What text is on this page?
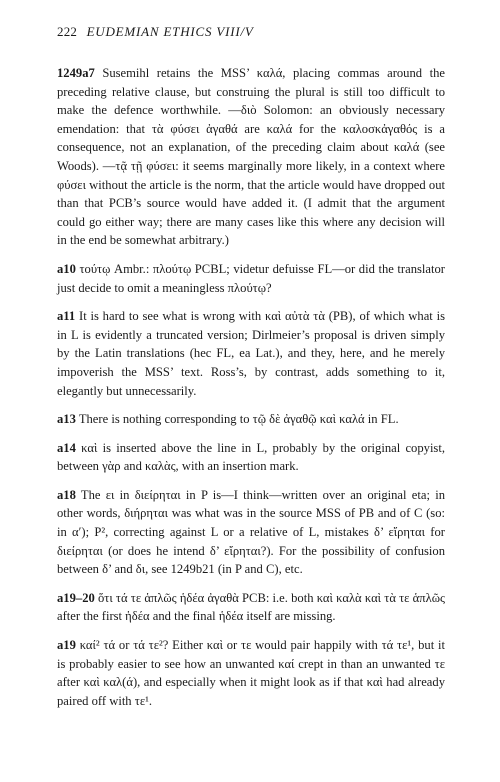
222 EUDEMIAN ETHICS VIII/V

1249a7 Susemihl retains the MSS’ καλά, placing commas around the preceding relative clause, but construing the plural is still too difficult to make the defence worthwhile. —διὸ Solomon: an obviously necessary emendation: that τὰ φύσει ἀγαθά are καλά for the καλοσκἀγαθός is a consequence, not an explanation, of the preceding claim about καλά (see Woods). —τᾷ τῇ φύσει: it seems marginally more likely, in a context where φύσει without the article is the norm, that the article would have dropped out than that PCB’s source would have added it. (I admit that the argument could go either way; there are many cases like this where any decision will in the end be somewhat arbitrary.)

a10 τούτῳ Ambr.: πλούτῳ PCBL; videtur defuisse FL—or did the translator just decide to omit a meaningless πλούτῳ?

a11 It is hard to see what is wrong with καὶ αὐτὰ τὰ (PB), of which what is in L is evidently a truncated version; Dirlmeier’s proposal is driven simply by the Latin translations (hec FL, ea Lat.), and they, here, and he merely impoverish the MSS’ text. Ross’s, by contrast, adds something to it, elegantly but unnecessarily.

a13 There is nothing corresponding to τῷ δὲ ἀγαθῷ καὶ καλά in FL.

a14 καὶ is inserted above the line in L, probably by the original copyist, between γὰρ and καλὰς, with an insertion mark.

a18 The ει in διείρηται in P is—I think—written over an original eta; in other words, διήρηται was what was in the source MSS of PB and of C (so: in α′); P², correcting against L or a relative of L, mistakes δ’ εἴρηται for διείρηται (or does he intend δ’ εἴρηται?). For the possibility of confusion between δ’ and δι, see 1249b21 (in P and C), etc.

a19–20 ὅτι τά τε ἁπλῶς ἡδέα ἀγαθὰ PCB: i.e. both καὶ καλὰ καὶ τὰ τε ἁπλῶς after the first ἡδέα and the final ἡδέα itself are missing.

a19 καί² τά or τά τε²? Either καὶ or τε would pair happily with τά τε¹, but it is probably easier to see how an unwanted καί crept in than an unwanted τε after καὶ καλ(ά), and especially when it might look as if that καὶ had already paired off with τε¹.
